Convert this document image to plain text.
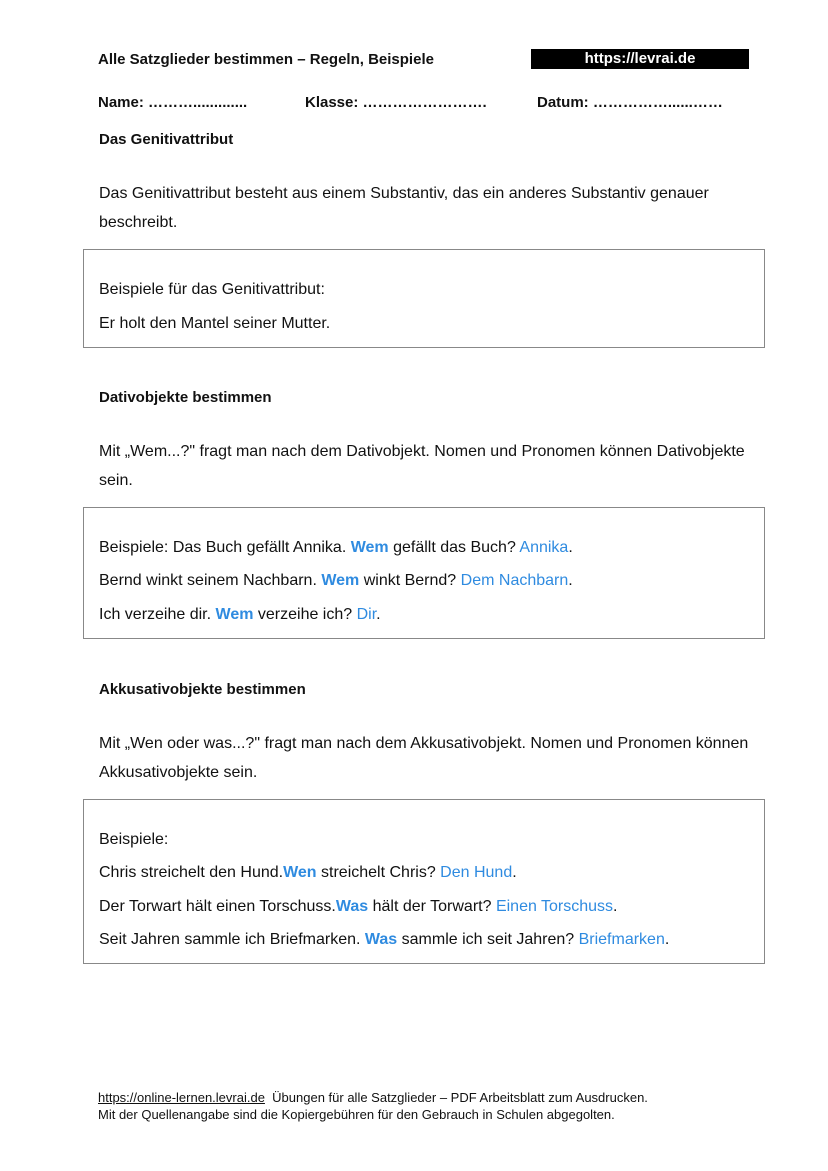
Alle Satzglieder bestimmen – Regeln, Beispiele	https://levrai.de
Name: ……….............	Klasse: …………………….	Datum: ……………......……
Das Genitivattribut
Das Genitivattribut besteht aus einem Substantiv, das ein anderes Substantiv genauer beschreibt.
Beispiele für das Genitivattribut:
Er holt den Mantel seiner Mutter.
Dativobjekte bestimmen
Mit „Wem...?" fragt man nach dem Dativobjekt. Nomen und Pronomen können Dativobjekte sein.
Beispiele: Das Buch gefällt Annika. Wem gefällt das Buch? Annika.
Bernd winkt seinem Nachbarn. Wem winkt Bernd? Dem Nachbarn.
Ich verzeihe dir. Wem verzeihe ich? Dir.
Akkusativobjekte bestimmen
Mit „Wen oder was...?" fragt man nach dem Akkusativobjekt. Nomen und Pronomen können Akkusativobjekte sein.
Beispiele:
Chris streichelt den Hund.Wen streichelt Chris? Den Hund.
Der Torwart hält einen Torschuss.Was hält der Torwart? Einen Torschuss.
Seit Jahren sammle ich Briefmarken. Was sammle ich seit Jahren? Briefmarken.
https://online-lernen.levrai.de  Übungen für alle Satzglieder – PDF Arbeitsblatt zum Ausdrucken.
Mit der Quellenangabe sind die Kopiergebühren für den Gebrauch in Schulen abgegolten.
